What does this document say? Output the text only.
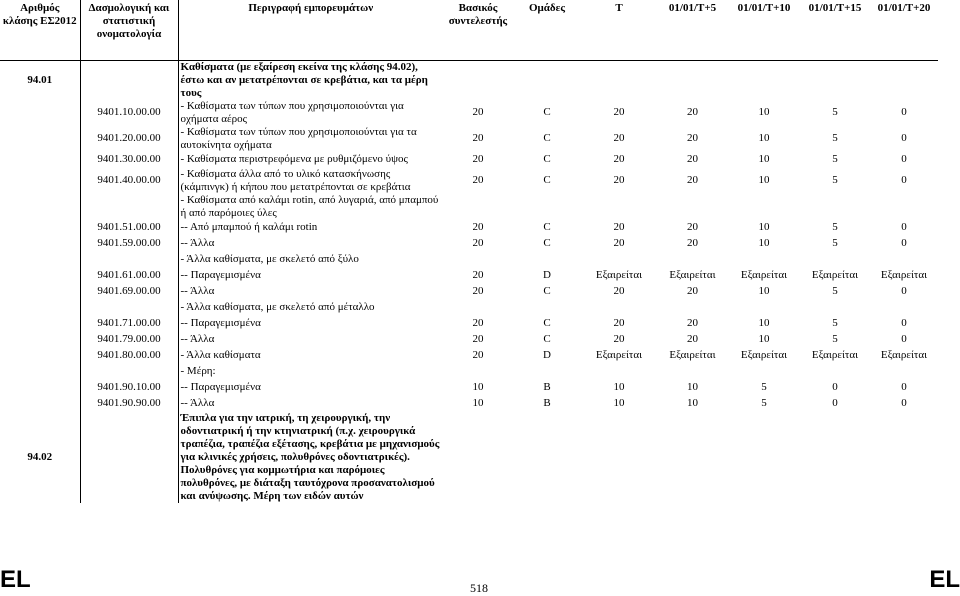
Αριθμός κλάσης ΕΣ2012	Δασμολογική και στατιστική ονοματολογία	Περιγραφή εμπορευμάτων	Βασικός συντελεστής	Ομάδες	T	01/01/T+5	01/01/T+10	01/01/T+15	01/01/T+20
94.01		Καθίσματα (με εξαίρεση εκείνα της κλάσης 94.02), έστω και αν μετατρέπονται σε κρεβάτια, και τα μέρη τους							
	9401.10.00.00	- Καθίσματα των τύπων που χρησιμοποιούνται για οχήματα αέρος	20	C	20	20	10	5	0
	9401.20.00.00	- Καθίσματα των τύπων που χρησιμοποιούνται για τα αυτοκίνητα οχήματα	20	C	20	20	10	5	0
	9401.30.00.00	- Καθίσματα περιστρεφόμενα με ρυθμιζόμενο ύψος	20	C	20	20	10	5	0
	9401.40.00.00	- Καθίσματα άλλα από το υλικό κατασκήνωσης (κάμπινγκ) ή κήπου που μετατρέπονται σε κρεβάτια	20	C	20	20	10	5	0
		- Καθίσματα από καλάμι rotin, από λυγαριά, από μπαμπού ή από παρόμοιες ύλες							
	9401.51.00.00	-- Από μπαμπού ή καλάμι rotin	20	C	20	20	10	5	0
	9401.59.00.00	-- Άλλα	20	C	20	20	10	5	0
		- Άλλα καθίσματα, με σκελετό από ξύλο							
	9401.61.00.00	-- Παραγεμισμένα	20	D	Εξαιρείται	Εξαιρείται	Εξαιρείται	Εξαιρείται	Εξαιρείται
	9401.69.00.00	-- Άλλα	20	C	20	20	10	5	0
		- Άλλα καθίσματα, με σκελετό από μέταλλο							
	9401.71.00.00	-- Παραγεμισμένα	20	C	20	20	10	5	0
	9401.79.00.00	-- Άλλα	20	C	20	20	10	5	0
	9401.80.00.00	- Άλλα καθίσματα	20	D	Εξαιρείται	Εξαιρείται	Εξαιρείται	Εξαιρείται	Εξαιρείται
		- Μέρη:							
	9401.90.10.00	-- Παραγεμισμένα	10	B	10	10	5	0	0
	9401.90.90.00	-- Άλλα	10	B	10	10	5	0	0
94.02		Έπιπλα για την ιατρική, τη χειρουργική, την οδοντιατρική ή την κτηνιατρική (π.χ. χειρουργικά τραπέζια, τραπέζια εξέτασης, κρεβάτια με μηχανισμούς για κλινικές χρήσεις, πολυθρόνες οδοντιατρικές). Πολυθρόνες για κομμωτήρια και παρόμοιες πολυθρόνες, με διάταξη ταυτόχρονα προσανατολισμού και ανύψωσης. Μέρη των ειδών αυτών							
EL	518	EL
